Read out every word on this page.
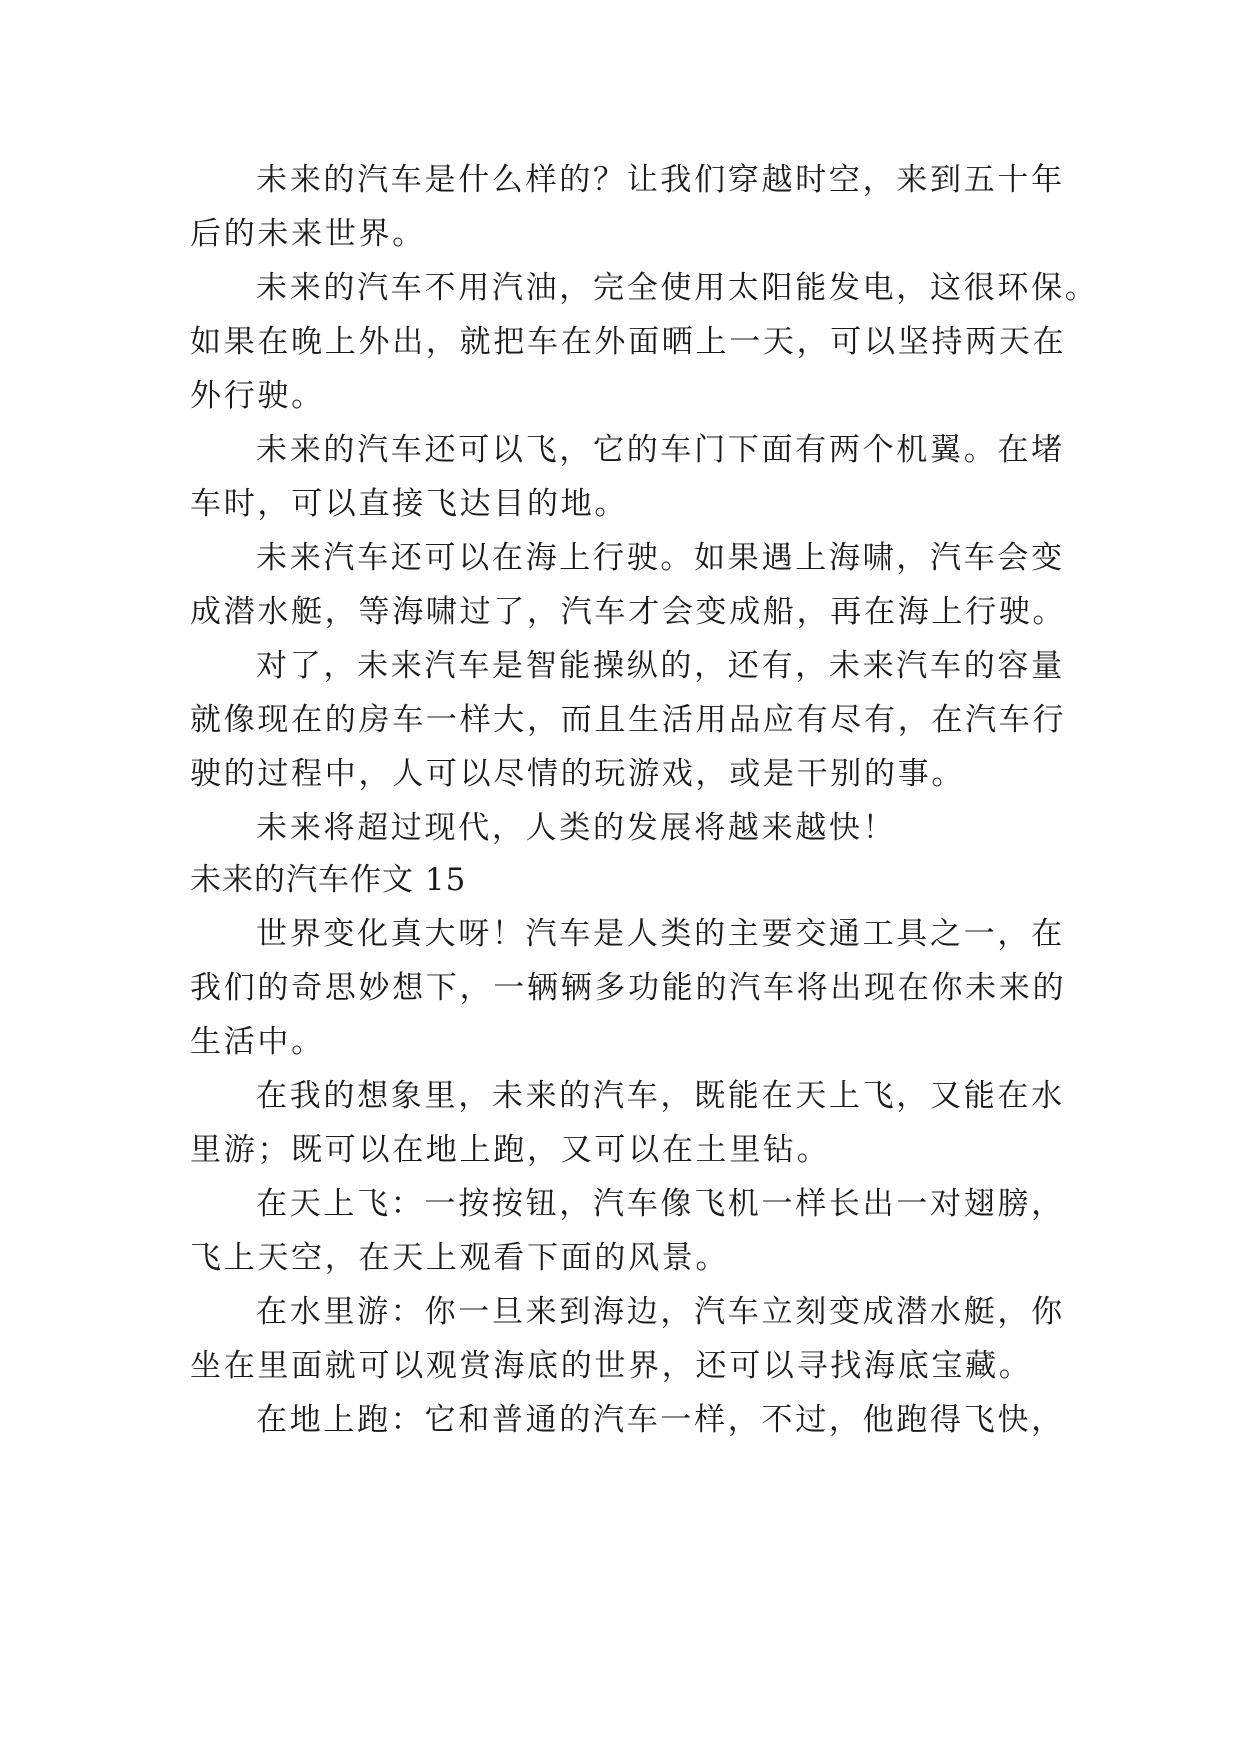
未来的汽车是什么样的？让我们穿越时空，来到五十年
后的未来世界。
未来的汽车不用汽油，完全使用太阳能发电，这很环保。
如果在晚上外出，就把车在外面晒上一天，可以坚持两天在
外行驶。
未来的汽车还可以飞，它的车门下面有两个机翼。在堵
车时，可以直接飞达目的地。
未来汽车还可以在海上行驶。如果遇上海啸，汽车会变
成潜水艇，等海啸过了，汽车才会变成船，再在海上行驶。
对了，未来汽车是智能操纵的，还有，未来汽车的容量
就像现在的房车一样大，而且生活用品应有尽有，在汽车行
驶的过程中，人可以尽情的玩游戏，或是干别的事。
未来将超过现代，人类的发展将越来越快！
未来的汽车作文 15
世界变化真大呀！汽车是人类的主要交通工具之一，在
我们的奇思妙想下，一辆辆多功能的汽车将出现在你未来的
生活中。
在我的想象里，未来的汽车，既能在天上飞，又能在水
里游；既可以在地上跑，又可以在土里钻。
在天上飞：一按按钮，汽车像飞机一样长出一对翅膀，
飞上天空，在天上观看下面的风景。
在水里游：你一旦来到海边，汽车立刻变成潜水艇，你
坐在里面就可以观赏海底的世界，还可以寻找海底宝藏。
在地上跑：它和普通的汽车一样，不过，他跑得飞快，
